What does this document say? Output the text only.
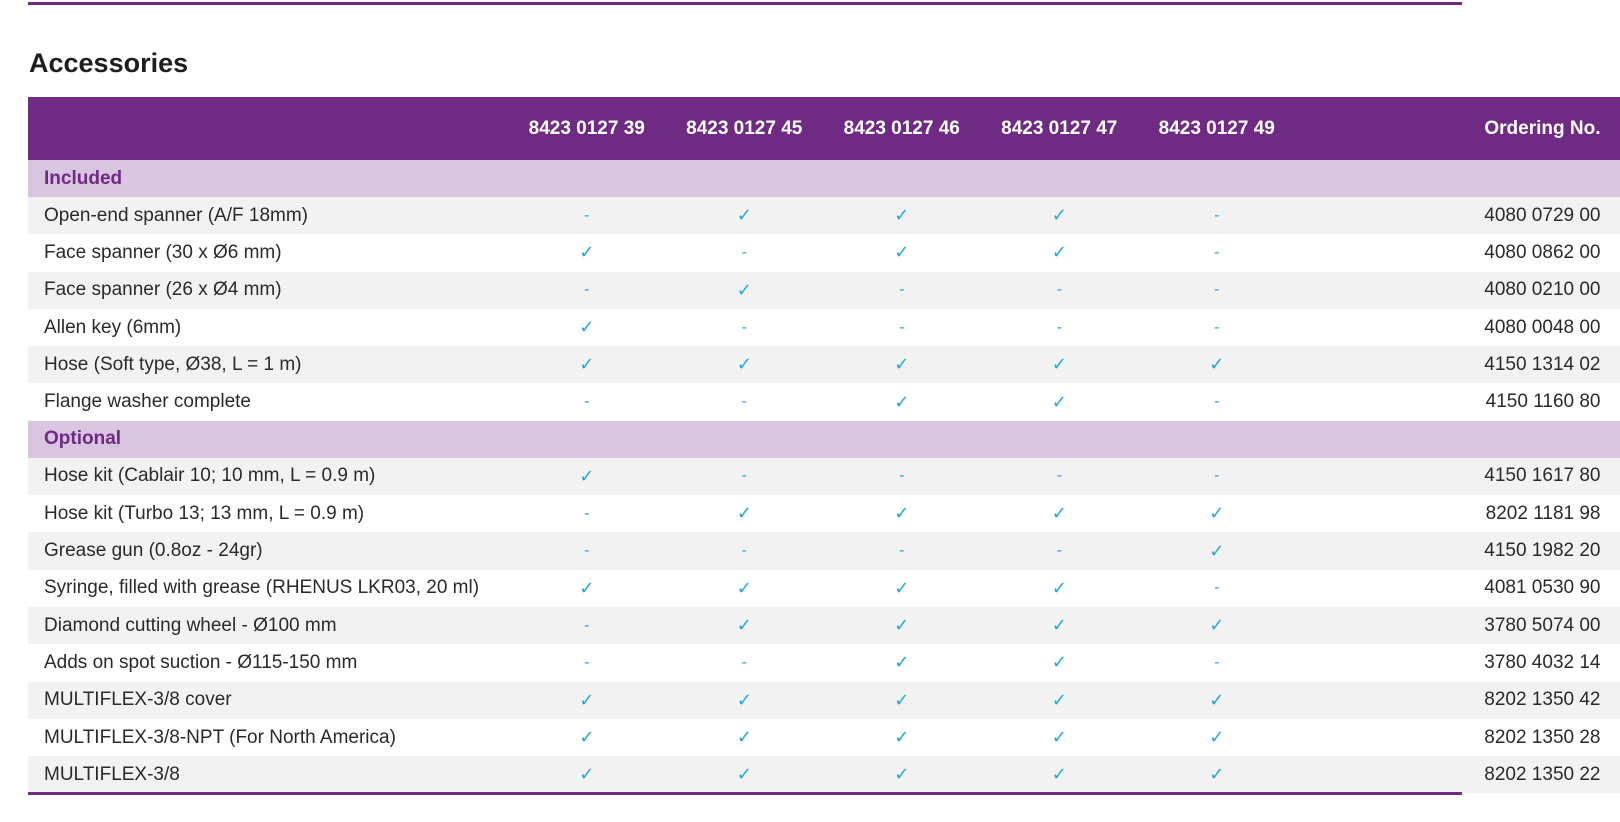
Accessories
	8423 0127 39	8423 0127 45	8423 0127 46	8423 0127 47	8423 0127 49	Ordering No.
Included						
Open-end spanner (A/F 18mm)	-	✓	✓	✓	-	4080 0729 00
Face spanner (30 x Ø6 mm)	✓	-	✓	✓	-	4080 0862 00
Face spanner (26 x Ø4 mm)	-	✓	-	-	-	4080 0210 00
Allen key (6mm)	✓	-	-	-	-	4080 0048 00
Hose (Soft type, Ø38, L = 1 m)	✓	✓	✓	✓	✓	4150 1314 02
Flange washer complete	-	-	✓	✓	-	4150 1160 80
Optional						
Hose kit (Cablair 10; 10 mm, L = 0.9 m)	✓	-	-	-	-	4150 1617 80
Hose kit (Turbo 13; 13 mm, L = 0.9 m)	-	✓	✓	✓	✓	8202 1181 98
Grease gun (0.8oz - 24gr)	-	-	-	-	✓	4150 1982 20
Syringe, filled with grease (RHENUS LKR03, 20 ml)	✓	✓	✓	✓	-	4081 0530 90
Diamond cutting wheel - Ø100 mm	-	✓	✓	✓	✓	3780 5074 00
Adds on spot suction - Ø115-150 mm	-	-	✓	✓	-	3780 4032 14
MULTIFLEX-3/8 cover	✓	✓	✓	✓	✓	8202 1350 42
MULTIFLEX-3/8-NPT (For North America)	✓	✓	✓	✓	✓	8202 1350 28
MULTIFLEX-3/8	✓	✓	✓	✓	✓	8202 1350 22
